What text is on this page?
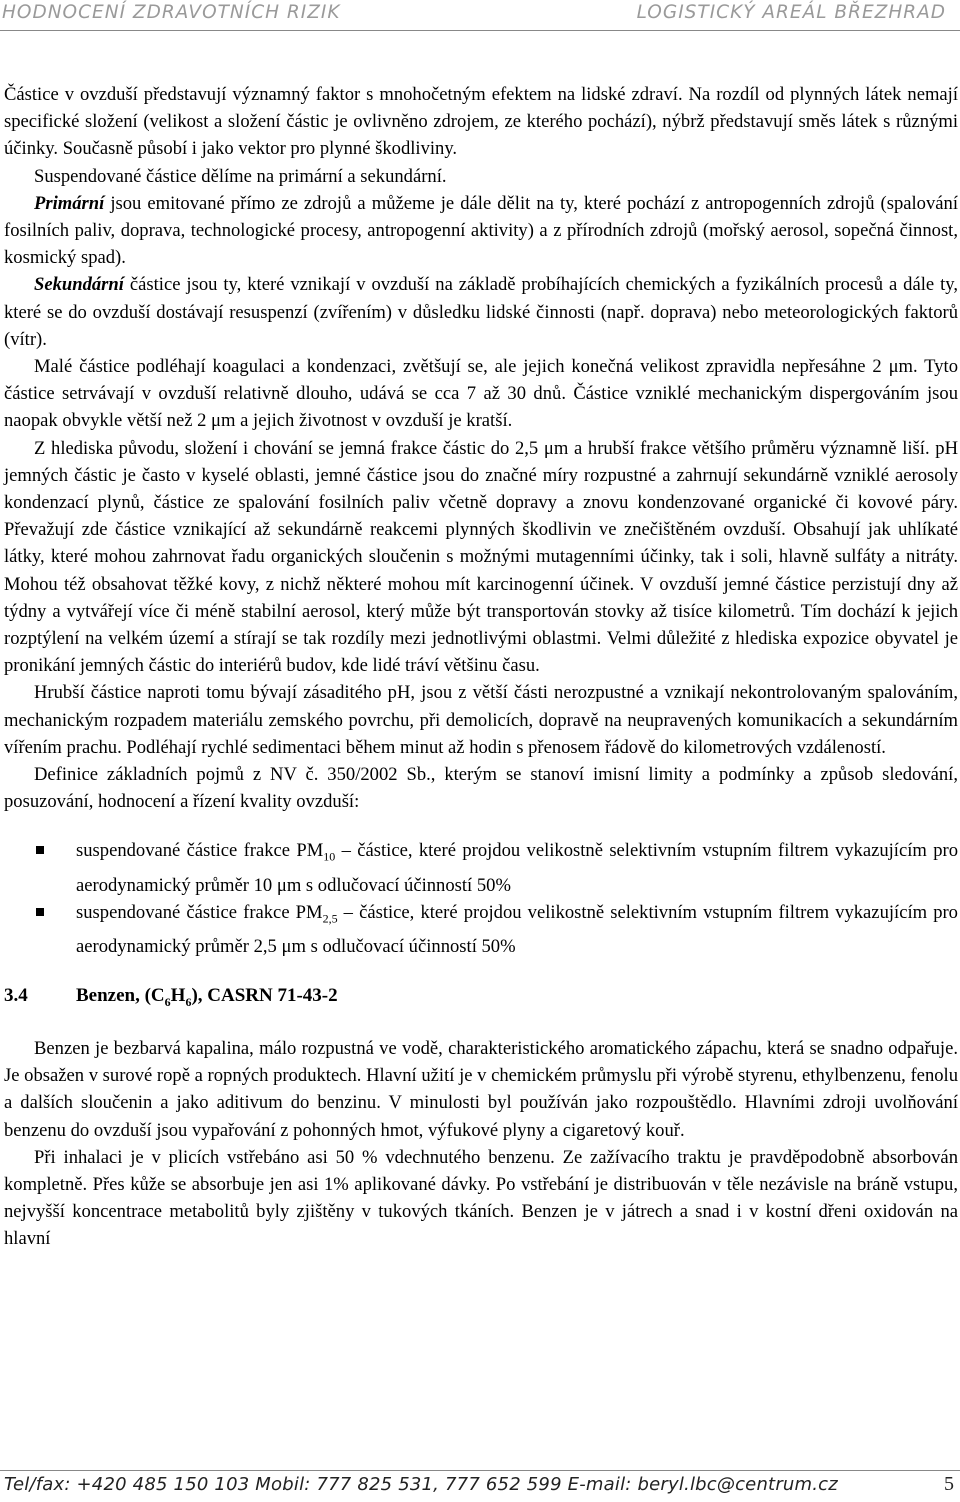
HODNOCENÍ ZDRAVOTNÍCH RIZIK	LOGISTICKÝ AREÁL BŘEZHRAD

Částice v ovzduší představují významný faktor s mnohočetným efektem na lidské zdraví. Na rozdíl od plynných látek nemají specifické složení (velikost a složení částic je ovlivněno zdrojem, ze kterého pochází), nýbrž představují směs látek s různými účinky. Současně působí i jako vektor pro plynné škodliviny.

Suspendované částice dělíme na primární a sekundární.

Primární jsou emitované přímo ze zdrojů a můžeme je dále dělit na ty, které pochází z antropogenních zdrojů (spalování fosilních paliv, doprava, technologické procesy, antropogenní aktivity) a z přírodních zdrojů (mořský aerosol, sopečná činnost, kosmický spad).

Sekundární částice jsou ty, které vznikají v ovzduší na základě probíhajících chemických a fyzikálních procesů a dále ty, které se do ovzduší dostávají resuspenzí (zvířením) v důsledku lidské činnosti (např. doprava) nebo meteorologických faktorů (vítr).

Malé částice podléhají koagulaci a kondenzaci, zvětšují se, ale jejich konečná velikost zpravidla nepřesáhne 2 μm. Tyto částice setrvávají v ovzduší relativně dlouho, udává se cca 7 až 30 dnů. Částice vzniklé mechanickým dispergováním jsou naopak obvykle větší než 2 μm a jejich životnost v ovzduší je kratší.

Z hlediska původu, složení i chování se jemná frakce částic do 2,5 μm a hrubší frakce většího průměru významně liší. pH jemných částic je často v kyselé oblasti, jemné částice jsou do značné míry rozpustné a zahrnují sekundárně vzniklé aerosoly kondenzací plynů, částice ze spalování fosilních paliv včetně dopravy a znovu kondenzované organické či kovové páry. Převažují zde částice vznikající až sekundárně reakcemi plynných škodlivin ve znečištěném ovzduší. Obsahují jak uhlíkaté látky, které mohou zahrnovat řadu organických sloučenin s možnými mutagenními účinky, tak i soli, hlavně sulfáty a nitráty. Mohou též obsahovat těžké kovy, z nichž některé mohou mít karcinogenní účinek. V ovzduší jemné částice perzistují dny až týdny a vytvářejí více či méně stabilní aerosol, který může být transportován stovky až tisíce kilometrů. Tím dochází k jejich rozptýlení na velkém území a stírají se tak rozdíly mezi jednotlivými oblastmi. Velmi důležité z hlediska expozice obyvatel je pronikání jemných částic do interiérů budov, kde lidé tráví většinu času.

Hrubší částice naproti tomu bývají zásaditého pH, jsou z větší části nerozpustné a vznikají nekontrolovaným spalováním, mechanickým rozpadem materiálu zemského povrchu, při demolicích, dopravě na neupravených komunikacích a sekundárním vířením prachu. Podléhají rychlé sedimentaci během minut až hodin s přenosem řádově do kilometrových vzdáleností.

Definice základních pojmů z NV č. 350/2002 Sb., kterým se stanoví imisní limity a podmínky a způsob sledování, posuzování, hodnocení a řízení kvality ovzduší:

suspendované částice frakce $PM_{10}$ – částice, které projdou velikostně selektivním vstupním filtrem vykazujícím pro aerodynamický průměr 10 μm s odlučovací účinností 50%
suspendované částice frakce $PM_{2,5}$ – částice, které projdou velikostně selektivním vstupním filtrem vykazujícím pro aerodynamický průměr 2,5 μm s odlučovací účinností 50%
3.4	Benzen, $(C_6H_6)$, CASRN 71-43-2

Benzen je bezbarvá kapalina, málo rozpustná ve vodě, charakteristického aromatického zápachu, která se snadno odpařuje. Je obsažen v surové ropě a ropných produktech. Hlavní užití je v chemickém průmyslu při výrobě styrenu, ethylbenzenu, fenolu a dalších sloučenin a jako aditivum do benzinu. V minulosti byl používán jako rozpouštědlo. Hlavními zdroji uvolňování benzenu do ovzduší jsou vypařování z pohonných hmot, výfukové plyny a cigaretový kouř.

Při inhalaci je v plicích vstřebáno asi 50 % vdechnutého benzenu. Ze zažívacího traktu je pravděpodobně absorbován kompletně. Přes kůže se absorbuje jen asi 1% aplikované dávky. Po vstřebání je distribuován v těle nezávisle na bráně vstupu, nejvyšší koncentrace metabolitů byly zjištěny v tukových tkáních. Benzen je v játrech a snad i v kostní dřeni oxidován na hlavní

Tel/fax: +420 485 150 103 Mobil: 777 825 531, 777 652 599 E-mail: beryl.lbc@centrum.cz	5
